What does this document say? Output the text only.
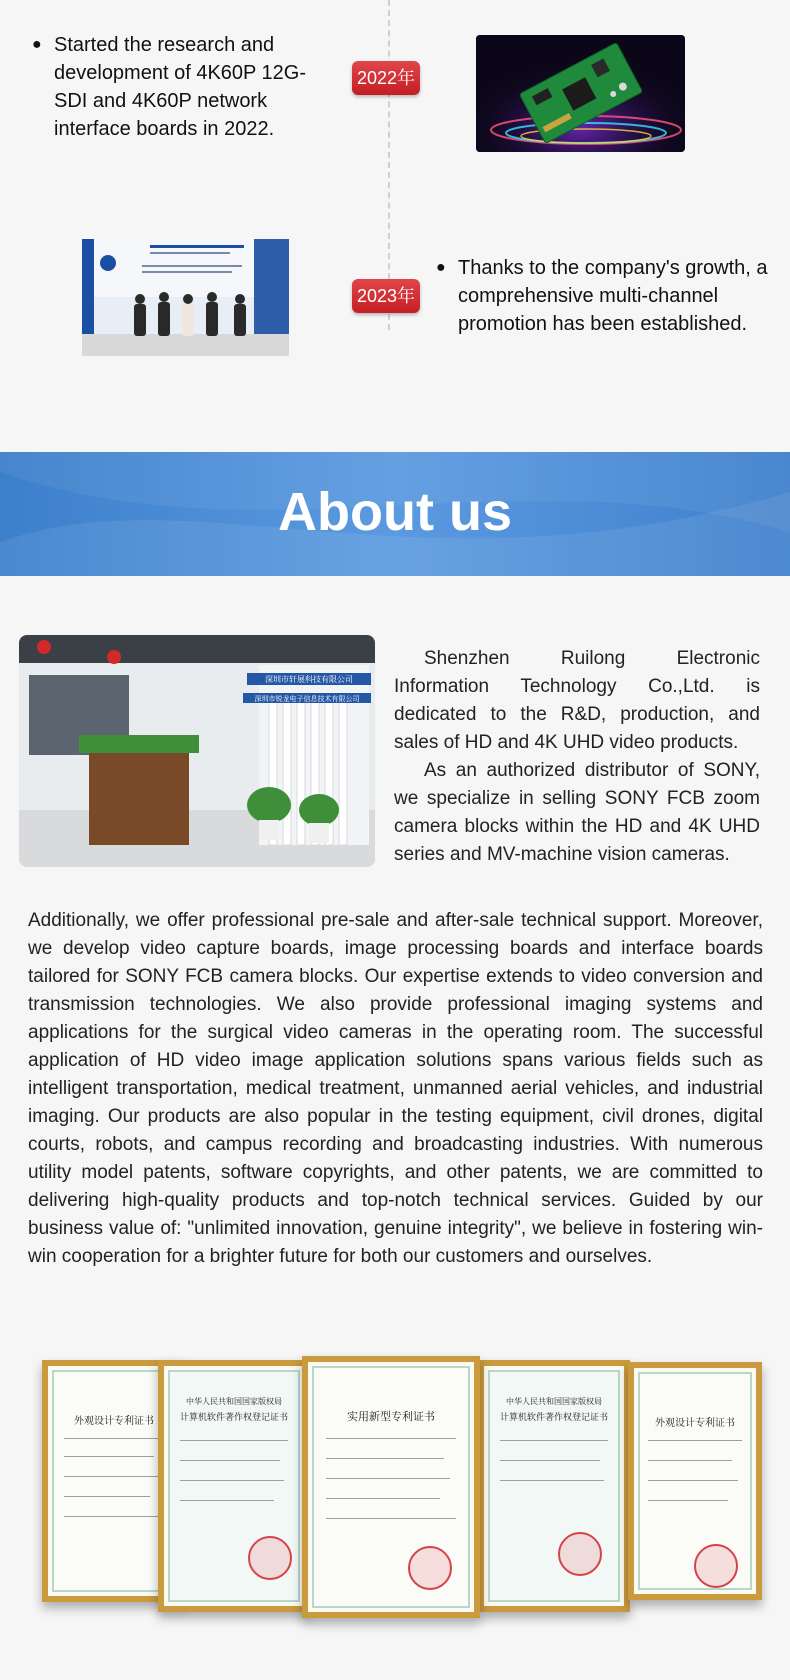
● Started the research and development of 4K60P 12G-SDI and 4K60P network interface boards in 2022.
2022年
2023年
● Thanks to the company's growth, a comprehensive multi-channel promotion has been established.
About us
深圳市轩展科技有限公司
深圳市锐龙电子信息技术有限公司

Shenzhen Ruilong Electronic Information Technology Co.,Ltd. is dedicated to the R&D, production, and sales of HD and 4K UHD video products.

As an authorized distributor of SONY, we specialize in selling SONY FCB zoom camera blocks within the HD and 4K UHD series and MV-machine vision cameras.

Additionally, we offer professional pre-sale and after-sale technical support. Moreover, we develop video capture boards, image processing boards and interface boards tailored for SONY FCB camera blocks. Our expertise extends to video conversion and transmission technologies. We also provide professional imaging systems and applications for the surgical video cameras in the operating room. The successful application of HD video image application solutions spans various fields such as intelligent transportation, medical treatment, unmanned aerial vehicles, and industrial imaging. Our products are also popular in the testing equipment, civil drones, digital courts, robots, and campus recording and broadcasting industries. With numerous utility model patents, software copyrights, and other patents, we are committed to delivering high-quality products and top-notch technical services. Guided by our business value of: "unlimited innovation, genuine integrity", we believe in fostering win-win cooperation for a brighter future for both our customers and ourselves.

外观设计专利证书
中华人民共和国国家版权局
计算机软件著作权登记证书	实用新型专利证书
中华人民共和国国家版权局
计算机软件著作权登记证书	外观设计专利证书
